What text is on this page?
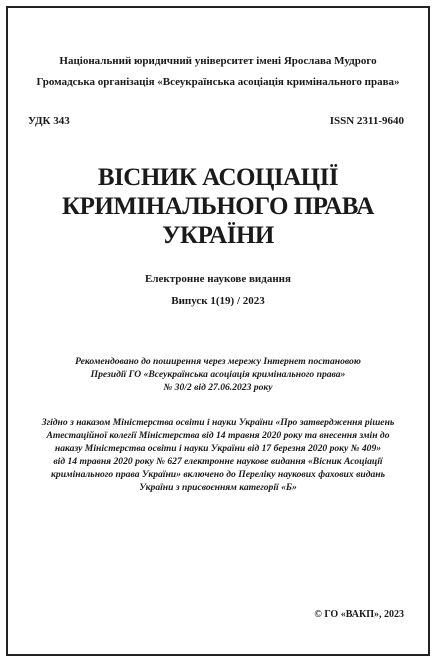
Національний юридичний університет імені Ярослава Мудрого
Громадська організація «Всеукраїнська асоціація кримінального права»
УДК 343	ISSN 2311-9640
ВІСНИК АСОЦІАЦІЇ
КРИМІНАЛЬНОГО ПРАВА
УКРАЇНИ
Електронне наукове видання
Випуск 1(19) / 2023
Рекомендовано до поширення через мережу Інтернет постановою
Президії ГО «Всеукраїнська асоціація кримінального права»
№ 30/2 від 27.06.2023 року
Згідно з наказом Міністерства освіти і науки України «Про затвердження рішень
Атестаційної колегії Міністерства від 14 травня 2020 року та внесення змін до
наказу Міністерства освіти і науки України від 17 березня 2020 року № 409»
від 14 травня 2020 року № 627 електронне наукове видання «Вісник Асоціації
кримінального права України» включено до Переліку наукових фахових видань
України з присвоєнням категорії «Б»
© ГО «ВАКП», 2023
